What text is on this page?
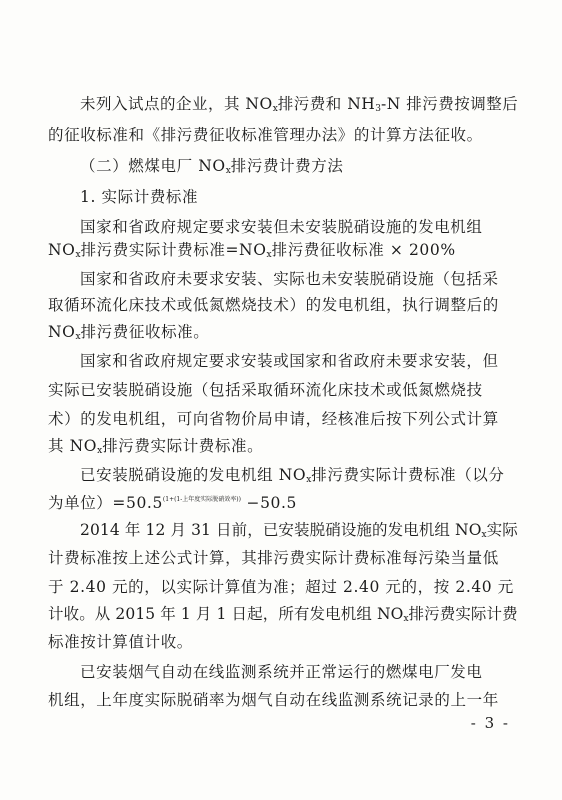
未列入试点的企业，其 $NO_x$排污费和 $NH_3-N$ 排污费按调整后
的征收标准和《排污费征收标准管理办法》的计算方法征收。
（二）燃煤电厂 $NO_x$排污费计费方法
1. 实际计费标准
国家和省政府规定要求安装但未安装脱硝设施的发电机组
$NO_x$排污费实际计费标准$=NO_x$排污费征收标准 × 200%
国家和省政府未要求安装、实际也未安装脱硝设施（包括采
取循环流化床技术或低氮燃烧技术）的发电机组，执行调整后的
$NO_x$排污费征收标准。
国家和省政府规定要求安装或国家和省政府未要求安装，但
实际已安装脱硝设施（包括采取循环流化床技术或低氮燃烧技
术）的发电机组，可向省物价局申请，经核准后按下列公式计算
其 $NO_x$排污费实际计费标准。
已安装脱硝设施的发电机组 $NO_x$排污费实际计费标准（以分
为单位）$=50.5^{(1+(1-上年度实际脱硝效率))} -50.5$
2014 年 12 月 31 日前，已安装脱硝设施的发电机组 $NO_x$实际
计费标准按上述公式计算，其排污费实际计费标准每污染当量低
于 2.40 元的，以实际计算值为准；超过 2.40 元的，按 2.40 元
计收。从 2015 年 1 月 1 日起，所有发电机组 $NO_x$排污费实际计费
标准按计算值计收。
已安装烟气自动在线监测系统并正常运行的燃煤电厂发电
机组，上年度实际脱硝率为烟气自动在线监测系统记录的上一年
- 3 -
